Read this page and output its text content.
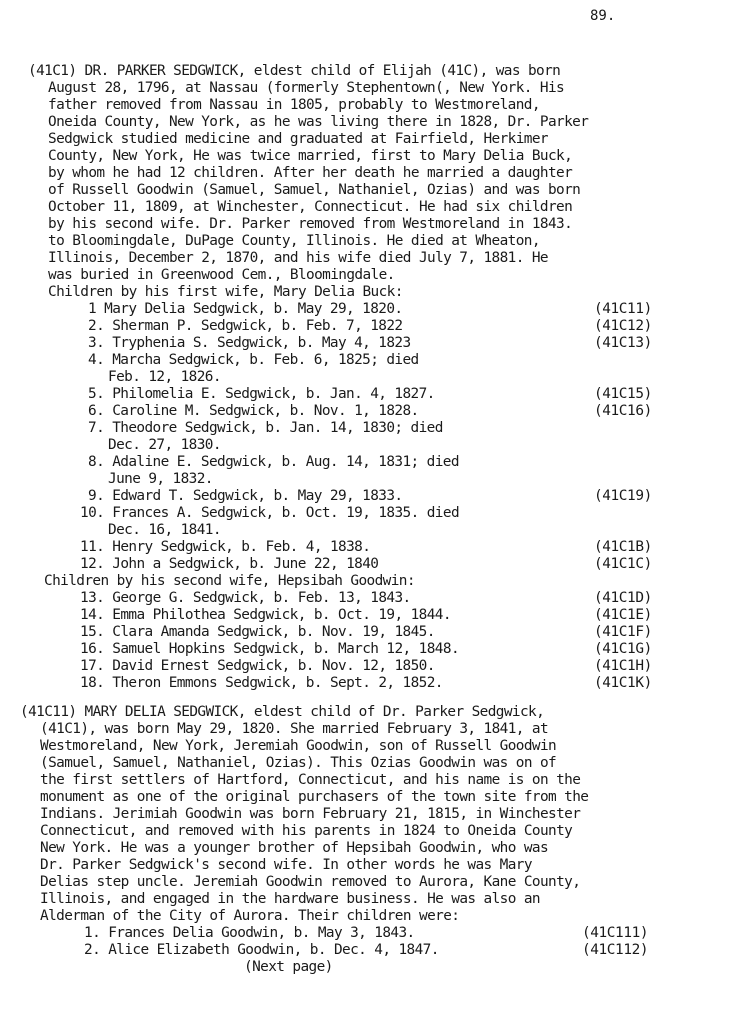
89.
(41C1) DR. PARKER SEDGWICK, eldest child of Elijah (41C), was born
August 28, 1796, at Nassau (formerly Stephentown(, New York. His
father removed from Nassau in 1805, probably to Westmoreland,
Oneida County, New York, as he was living there in 1828, Dr. Parker
Sedgwick studied medicine and graduated at Fairfield, Herkimer
County, New York, He was twice married, first to Mary Delia Buck,
by whom he had 12 children. After her death he married a daughter
of Russell Goodwin (Samuel, Samuel, Nathaniel, Ozias) and was born
October 11, 1809, at Winchester, Connecticut. He had six children
by his second wife. Dr. Parker removed from Westmoreland in 1843.
to Bloomingdale, DuPage County, Illinois. He died at Wheaton,
Illinois, December 2, 1870, and his wife died July 7, 1881. He
was buried in Greenwood Cem., Bloomingdale.
Children by his first wife, Mary Delia Buck:
1 Mary Delia Sedgwick, b. May 29, 1820.	(41C11)
2. Sherman P. Sedgwick, b. Feb. 7, 1822	(41C12)
3. Tryphenia S. Sedgwick, b. May 4, 1823	(41C13)
4. Marcha Sedgwick, b. Feb. 6, 1825; died
Feb. 12, 1826.
5. Philomelia E. Sedgwick, b. Jan. 4, 1827.	(41C15)
6. Caroline M. Sedgwick, b. Nov. 1, 1828.	(41C16)
7. Theodore Sedgwick, b. Jan. 14, 1830; died
Dec. 27, 1830.
8. Adaline E. Sedgwick, b. Aug. 14, 1831; died
June 9, 1832.
9. Edward T. Sedgwick, b. May 29, 1833.	(41C19)
10. Frances A. Sedgwick, b. Oct. 19, 1835. died
Dec. 16, 1841.
11. Henry Sedgwick, b. Feb. 4, 1838.	(41C1B)
12. John a Sedgwick, b. June 22, 1840	(41C1C)
Children by his second wife, Hepsibah Goodwin:
13. George G. Sedgwick, b. Feb. 13, 1843.	(41C1D)
14. Emma Philothea Sedgwick, b. Oct. 19, 1844.	(41C1E)
15. Clara Amanda Sedgwick, b. Nov. 19, 1845.	(41C1F)
16. Samuel Hopkins Sedgwick, b. March 12, 1848.	(41C1G)
17. David Ernest Sedgwick, b. Nov. 12, 1850.	(41C1H)
18. Theron Emmons Sedgwick, b. Sept. 2, 1852.	(41C1K)
(41C11) MARY DELIA SEDGWICK, eldest child of Dr. Parker Sedgwick,
(41C1), was born May 29, 1820. She married February 3, 1841, at
Westmoreland, New York, Jeremiah Goodwin, son of Russell Goodwin
(Samuel, Samuel, Nathaniel, Ozias). This Ozias Goodwin was on of
the first settlers of Hartford, Connecticut, and his name is on the
monument as one of the original purchasers of the town site from the
Indians. Jerimiah Goodwin was born February 21, 1815, in Winchester
Connecticut, and removed with his parents in 1824 to Oneida County
New York. He was a younger brother of Hepsibah Goodwin, who was
Dr. Parker Sedgwick's second wife. In other words he was Mary
Delias step uncle. Jeremiah Goodwin removed to Aurora, Kane County,
Illinois, and engaged in the hardware business. He was also an
Alderman of the City of Aurora. Their children were:
1. Frances Delia Goodwin, b. May 3, 1843.	(41C111)
2. Alice Elizabeth Goodwin, b. Dec. 4, 1847.	(41C112)
(Next page)
